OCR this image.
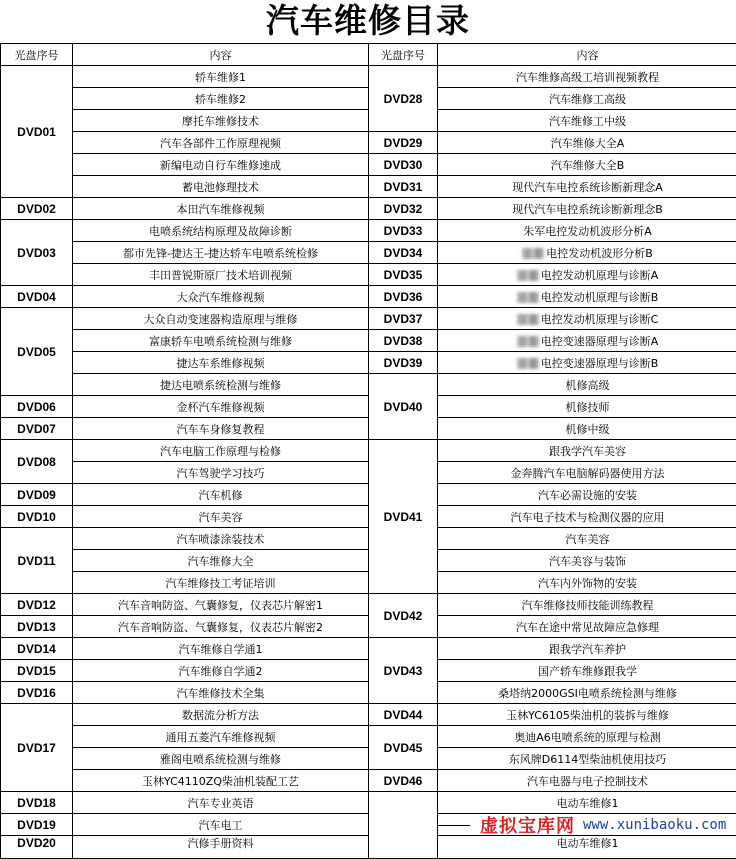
汽车维修目录
光盘序号	内容	光盘序号	内容
DVD01	轿车维修1	DVD28	汽车维修高级工培训视频教程
	轿车维修2		汽车维修工高级
	摩托车维修技术		汽车维修工中级
	汽车各部件工作原理视频	DVD29	汽车维修大全A
	新编电动自行车维修速成	DVD30	汽车维修大全B
	蓄电池修理技术	DVD31	现代汽车电控系统诊断新理念A
DVD02	本田汽车维修视频	DVD32	现代汽车电控系统诊断新理念B
DVD03	电喷系统结构原理及故障诊断	DVD33	朱军电控发动机波形分析A
	都市先锋-捷达王-捷达轿车电喷系统检修	DVD34	电控发动机波形分析B
	丰田普锐斯原厂技术培训视频	DVD35	电控发动机原理与诊断A
DVD04	大众汽车维修视频	DVD36	电控发动机原理与诊断B
DVD05	大众自动变速器构造原理与维修	DVD37	电控发动机原理与诊断C
	富康轿车电喷系统检测与维修	DVD38	电控变速器原理与诊断A
	捷达车系维修视频	DVD39	电控变速器原理与诊断B
	捷达电喷系统检测与维修	DVD40	机修高级
DVD06	金杯汽车维修视频		机修技师
DVD07	汽车车身修复教程		机修中级
DVD08	汽车电脑工作原理与检修	DVD41	跟我学汽车美容
	汽车驾驶学习技巧		金奔腾汽车电脑解码器使用方法
DVD09	汽车机修		汽车必需设施的安装
DVD10	汽车美容		汽车电子技术与检测仪器的应用
DVD11	汽车喷漆涂装技术		汽车美容
	汽车维修大全		汽车美容与装饰
	汽车维修技工考证培训		汽车内外饰物的安装
DVD12	汽车音响防盗、气囊修复，仪表芯片解密1	DVD42	汽车维修技师技能训练教程
DVD13	汽车音响防盗、气囊修复，仪表芯片解密2		汽车在途中常见故障应急修理
DVD14	汽车维修自学通1	DVD43	跟我学汽车养护
DVD15	汽车维修自学通2		国产轿车维修跟我学
DVD16	汽车维修技术全集		桑塔纳2000GSI电喷系统检测与维修
DVD17	数据流分析方法	DVD44	玉林YC6105柴油机的装拆与维修
	通用五菱汽车维修视频	DVD45	奥迪A6电喷系统的原理与检测
	雅阁电喷系统检测与维修		东风牌D6114型柴油机使用技巧
	玉林YC4110ZQ柴油机装配工艺	DVD46	汽车电器与电子控制技术
DVD18	汽车专业英语		电动车维修1
DVD19	汽车电工		
DVD20	汽修手册资料		电动车维修1
虚拟宝库网 www.xunibaoku.com
